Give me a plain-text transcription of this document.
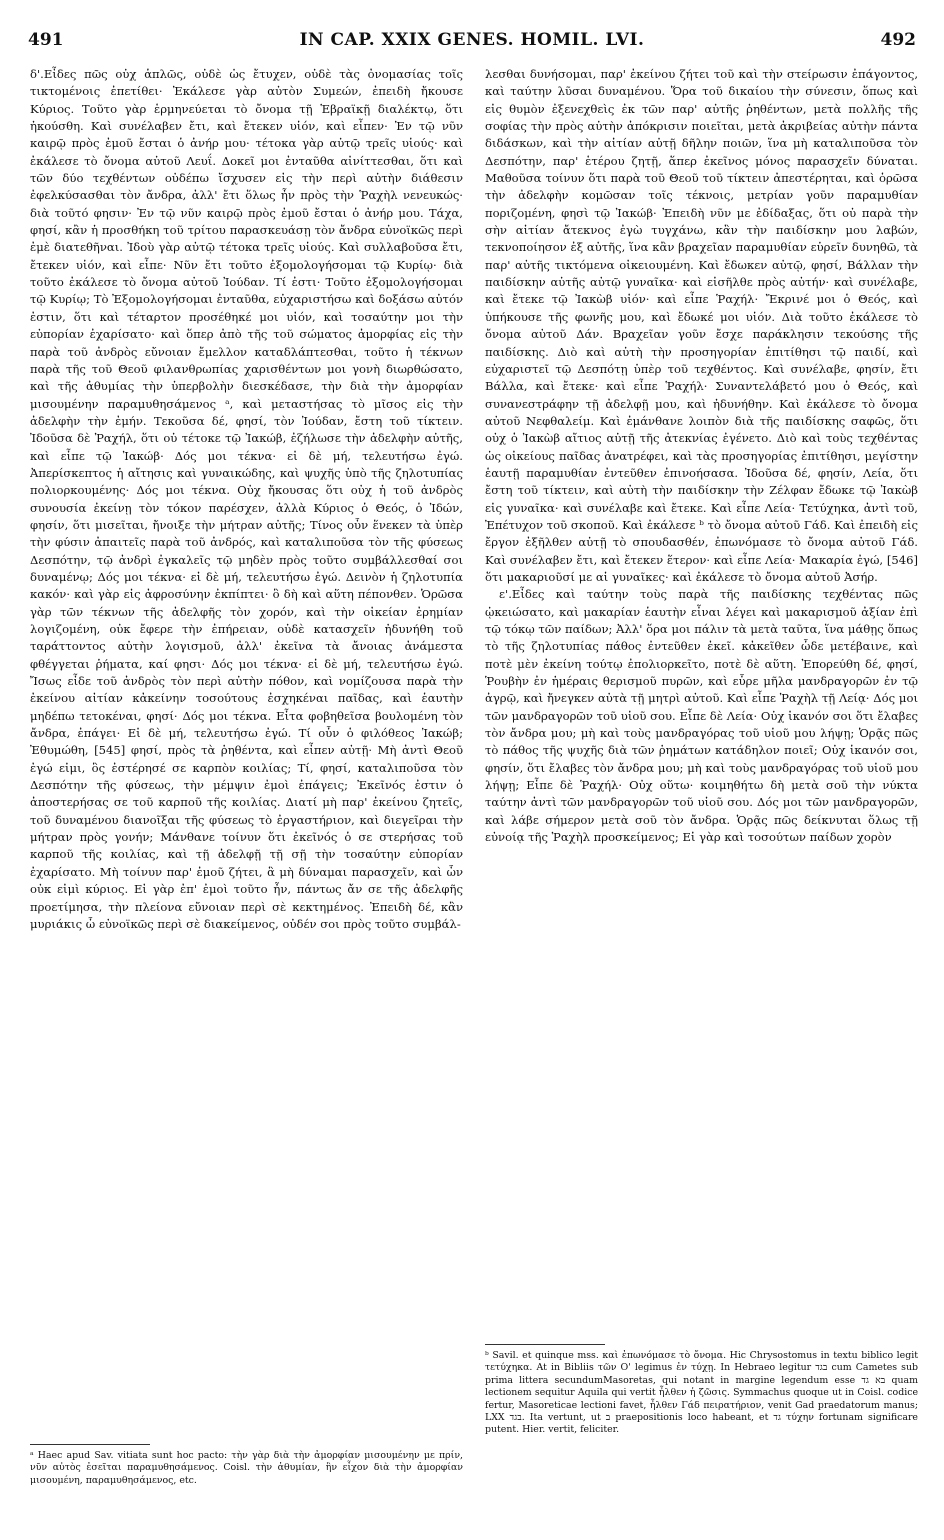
491	IN CAP. XXIX GENES. HOMIL. LVI.	492

δ'.Εἶδες πῶς οὐχ ἁπλῶς, οὐδὲ ὡς ἔτυχεν, οὐδὲ τὰς ὀνομασίας τοῖς τικτομένοις ἐπετίθει· Ἐκάλεσε γὰρ αὐτὸν Συμεών, ἐπειδὴ ἤκουσε Κύριος. Τοῦτο γὰρ ἑρμηνεύεται τὸ ὄνομα τῇ Ἑβραϊκῇ διαλέκτῳ, ὅτι ἠκούσθη. Καὶ συνέλαβεν ἔτι, καὶ ἔτεκεν υἱόν, καὶ εἶπεν· Ἐν τῷ νῦν καιρῷ πρὸς ἐμοῦ ἔσται ὁ ἀνήρ μου· τέτοκα γὰρ αὐτῷ τρεῖς υἱούς· καὶ ἐκάλεσε τὸ ὄνομα αὐτοῦ Λευΐ. Δοκεῖ μοι ἐνταῦθα αἰνίττεσθαι, ὅτι καὶ τῶν δύο τεχθέντων οὐδέπω ἴσχυσεν εἰς τὴν περὶ αὐτὴν διάθεσιν ἐφελκύσασθαι τὸν ἄνδρα, ἀλλ' ἔτι ὅλως ἦν πρὸς τὴν Ῥαχὴλ νενευκώς· διὰ τοῦτό φησιν· Ἐν τῷ νῦν καιρῷ πρὸς ἐμοῦ ἔσται ὁ ἀνήρ μου. Τάχα, φησί, κἂν ἡ προσθήκη τοῦ τρίτου παρασκευάσῃ τὸν ἄνδρα εὐνοϊκῶς περὶ ἐμὲ διατεθῆναι. Ἰδοὺ γὰρ αὐτῷ τέτοκα τρεῖς υἱούς. Καὶ συλλαβοῦσα ἔτι, ἔτεκεν υἱόν, καὶ εἶπε· Νῦν ἔτι τοῦτο ἐξομολογήσομαι τῷ Κυρίῳ· διὰ τοῦτο ἐκάλεσε τὸ ὄνομα αὐτοῦ Ἰούδαν. Τί ἐστι· Τοῦτο ἐξομολογήσομαι τῷ Κυρίῳ; Τὸ Ἐξομολογήσομαι ἐνταῦθα, εὐχαριστήσω καὶ δοξάσω αὐτόν ἐστιν, ὅτι καὶ τέταρτον προσέθηκέ μοι υἱόν, καὶ τοσαύτην μοι τὴν εὐπορίαν ἐχαρίσατο· καὶ ὅπερ ἀπὸ τῆς τοῦ σώματος ἀμορφίας εἰς τὴν παρὰ τοῦ ἀνδρὸς εὔνοιαν ἔμελλον καταδλάπτεσθαι, τοῦτο ἡ τέκνων παρὰ τῆς τοῦ Θεοῦ φιλανθρωπίας χαρισθέντων μοι γονὴ διωρθώσατο, καὶ τῆς ἀθυμίας τὴν ὑπερβολὴν διεσκέδασε, τὴν διὰ τὴν ἀμορφίαν μισουμένην παραμυθησάμενος ᵃ, καὶ μεταστήσας τὸ μῖσος εἰς τὴν ἀδελφὴν τὴν ἐμήν. Τεκοῦσα δέ, φησί, τὸν Ἰούδαν, ἔστη τοῦ τίκτειν. Ἰδοῦσα δὲ Ῥαχήλ, ὅτι οὐ τέτοκε τῷ Ἰακώβ, ἐζήλωσε τὴν ἀδελφὴν αὐτῆς, καὶ εἶπε τῷ Ἰακώβ· Δός μοι τέκνα· εἰ δὲ μή, τελευτήσω ἐγώ. Ἀπερίσκεπτος ἡ αἴτησις καὶ γυναικώδης, καὶ ψυχῆς ὑπὸ τῆς ζηλοτυπίας πολιορκουμένης· Δός μοι τέκνα. Οὐχ ἤκουσας ὅτι οὐχ ἡ τοῦ ἀνδρὸς συνουσία ἐκείνῃ τὸν τόκον παρέσχεν, ἀλλὰ Κύριος ὁ Θεός, ὁ Ἰδών, φησίν, ὅτι μισεῖται, ἤνοιξε τὴν μήτραν αὐτῆς; Τίνος οὖν ἕνεκεν τὰ ὑπὲρ τὴν φύσιν ἀπαιτεῖς παρὰ τοῦ ἀνδρός, καὶ καταλιποῦσα τὸν τῆς φύσεως Δεσπότην, τῷ ἀνδρὶ ἐγκαλεῖς τῷ μηδὲν πρὸς τοῦτο συμβάλλεσθαί σοι δυναμένῳ; Δός μοι τέκνα· εἰ δὲ μή, τελευτήσω ἐγώ. Δεινὸν ἡ ζηλοτυπία κακόν· καὶ γὰρ εἰς ἀφροσύνην ἐκπίπτει· ὃ δὴ καὶ αὕτη πέπονθεν. Ὁρῶσα γὰρ τῶν τέκνων τῆς ἀδελφῆς τὸν χορόν, καὶ τὴν οἰκείαν ἐρημίαν λογιζομένη, οὐκ ἔφερε τὴν ἐπήρειαν, οὐδὲ κατασχεῖν ἠδυνήθη τοῦ ταράττοντος αὐτὴν λογισμοῦ, ἀλλ' ἐκεῖνα τὰ ἄνοιας ἀνάμεστα φθέγγεται ῥήματα, καί φησι· Δός μοι τέκνα· εἰ δὲ μή, τελευτήσω ἐγώ. Ἴσως εἶδε τοῦ ἀνδρὸς τὸν περὶ αὐτὴν πόθον, καὶ νομίζουσα παρὰ τὴν ἐκείνου αἰτίαν κἀκείνην τοσούτους ἐσχηκέναι παῖδας, καὶ ἑαυτὴν μηδέπω τετοκέναι, φησί· Δός μοι τέκνα. Εἶτα φοβηθεῖσα βουλομένη τὸν ἄνδρα, ἐπάγει· Εἰ δὲ μή, τελευτήσω ἐγώ. Τί οὖν ὁ φιλόθεος Ἰακώβ; Ἐθυμώθη, [545] φησί, πρὸς τὰ ῥηθέντα, καὶ εἶπεν αὐτῇ· Μὴ ἀντὶ Θεοῦ ἐγώ εἰμι, ὃς ἐστέρησέ σε καρπὸν κοιλίας; Τί, φησί, καταλιποῦσα τὸν Δεσπότην τῆς φύσεως, τὴν μέμψιν ἐμοὶ ἐπάγεις; Ἐκεῖνός ἐστιν ὁ ἀποστερήσας σε τοῦ καρποῦ τῆς κοιλίας. Διατί μὴ παρ' ἐκείνου ζητεῖς, τοῦ δυναμένου διανοῖξαι τῆς φύσεως τὸ ἐργαστήριον, καὶ διεγεῖραι τὴν μήτραν πρὸς γονήν; Μάνθανε τοίνυν ὅτι ἐκεῖνός ὁ σε στερήσας τοῦ καρποῦ τῆς κοιλίας, καὶ τῇ ἀδελφῇ τῇ σῇ τὴν τοσαύτην εὐπορίαν ἐχαρίσατο. Μὴ τοίνυν παρ' ἐμοῦ ζήτει, ἃ μὴ δύναμαι παρασχεῖν, καὶ ὧν οὐκ εἰμὶ κύριος. Εἰ γὰρ ἐπ' ἐμοὶ τοῦτο ἦν, πάντως ἄν σε τῆς ἀδελφῆς προετίμησα, τὴν πλείονα εὔνοιαν περὶ σὲ κεκτημένος. Ἐπειδὴ δέ, κἂν μυριάκις ὦ εὐνοϊκῶς περὶ σὲ διακείμενος, οὐδέν σοι πρὸς τοῦτο συμβάλ-

ᵃ Haec apud Sav. vitiata sunt hoc pacto: τὴν γὰρ διὰ τὴν ἀμορφίαν μισουμένην με πρίν, νῦν αὐτὸς ἐσεῖται παραμυθησάμενος. Coisl. τὴν ἀθυμίαν, ἣν εἶχον διὰ τὴν ἀμορφίαν μισουμένη, παραμυθησάμενος, etc.

λεσθαι δυνήσομαι, παρ' ἐκείνου ζήτει τοῦ καὶ τὴν στείρωσιν ἐπάγοντος, καὶ ταύτην λῦσαι δυναμένου. Ὅρα τοῦ δικαίου τὴν σύνεσιν, ὅπως καὶ εἰς θυμὸν ἐξενεχθεὶς ἐκ τῶν παρ' αὐτῆς ῥηθέντων, μετὰ πολλῆς τῆς σοφίας τὴν πρὸς αὐτὴν ἀπόκρισιν ποιεῖται, μετὰ ἀκριβείας αὐτὴν πάντα διδάσκων, καὶ τὴν αἰτίαν αὐτῇ δῆλην ποιῶν, ἵνα μὴ καταλιποῦσα τὸν Δεσπότην, παρ' ἑτέρου ζητῇ, ἅπερ ἐκεῖνος μόνος παρασχεῖν δύναται. Μαθοῦσα τοίνυν ὅτι παρὰ τοῦ Θεοῦ τοῦ τίκτειν ἀπεστέρηται, καὶ ὁρῶσα τὴν ἀδελφὴν κομῶσαν τοῖς τέκνοις, μετρίαν γοῦν παραμυθίαν ποριζομένη, φησὶ τῷ Ἰακώβ· Ἐπειδὴ νῦν με ἐδίδαξας, ὅτι οὐ παρὰ τὴν σὴν αἰτίαν ἄτεκνος ἐγὼ τυγχάνω, κἂν τὴν παιδίσκην μου λαβών, τεκνοποίησον ἐξ αὐτῆς, ἵνα κἂν βραχεῖαν παραμυθίαν εὑρεῖν δυνηθῶ, τὰ παρ' αὐτῆς τικτόμενα οἰκειουμένη. Καὶ ἔδωκεν αὐτῷ, φησί, Βάλλαν τὴν παιδίσκην αὐτῆς αὐτῷ γυναῖκα· καὶ εἰσῆλθε πρὸς αὐτήν· καὶ συνέλαβε, καὶ ἔτεκε τῷ Ἰακὼβ υἱόν· καὶ εἶπε Ῥαχήλ· Ἔκρινέ μοι ὁ Θεός, καὶ ὑπήκουσε τῆς φωνῆς μου, καὶ ἔδωκέ μοι υἱόν. Διὰ τοῦτο ἐκάλεσε τὸ ὄνομα αὐτοῦ Δάν. Βραχεῖαν γοῦν ἔσχε παράκλησιν τεκούσης τῆς παιδίσκης. Διὸ καὶ αὐτὴ τὴν προσηγορίαν ἐπιτίθησι τῷ παιδί, καὶ εὐχαριστεῖ τῷ Δεσπότῃ ὑπὲρ τοῦ τεχθέντος. Καὶ συνέλαβε, φησίν, ἔτι Βάλλα, καὶ ἔτεκε· καὶ εἶπε Ῥαχήλ· Συναντελάβετό μου ὁ Θεός, καὶ συνανεστράφην τῇ ἀδελφῇ μου, καὶ ἠδυνήθην. Καὶ ἐκάλεσε τὸ ὄνομα αὐτοῦ Νεφθαλείμ. Καὶ ἐμάνθανε λοιπὸν διὰ τῆς παιδίσκης σαφῶς, ὅτι οὐχ ὁ Ἰακὼβ αἴτιος αὐτῇ τῆς ἀτεκνίας ἐγένετο. Διὸ καὶ τοὺς τεχθέντας ὡς οἰκείους παῖδας ἀνατρέφει, καὶ τὰς προσηγορίας ἐπιτίθησι, μεγίστην ἑαυτῇ παραμυθίαν ἐντεῦθεν ἐπινοήσασα. Ἰδοῦσα δέ, φησίν, Λεία, ὅτι ἔστη τοῦ τίκτειν, καὶ αὐτὴ τὴν παιδίσκην τὴν Ζέλφαν ἔδωκε τῷ Ἰακὼβ εἰς γυναῖκα· καὶ συνέλαβε καὶ ἔτεκε. Καὶ εἶπε Λεία· Τετύχηκα, ἀντὶ τοῦ, Ἐπέτυχον τοῦ σκοποῦ. Καὶ ἐκάλεσε ᵇ τὸ ὄνομα αὐτοῦ Γάδ. Καὶ ἐπειδὴ εἰς ἔργον ἐξῆλθεν αὐτῇ τὸ σπουδασθέν, ἐπωνόμασε τὸ ὄνομα αὐτοῦ Γάδ. Καὶ συνέλαβεν ἔτι, καὶ ἔτεκεν ἕτερον· καὶ εἶπε Λεία· Μακαρία ἐγώ, [546] ὅτι μακαριοῦσί με αἱ γυναῖκες· καὶ ἐκάλεσε τὸ ὄνομα αὐτοῦ Ἀσήρ.

ε'.Εἶδες καὶ ταύτην τοὺς παρὰ τῆς παιδίσκης τεχθέντας πῶς ᾠκειώσατο, καὶ μακαρίαν ἑαυτὴν εἶναι λέγει καὶ μακαρισμοῦ ἀξίαν ἐπὶ τῷ τόκῳ τῶν παίδων; Ἀλλ' ὅρα μοι πάλιν τὰ μετὰ ταῦτα, ἵνα μάθῃς ὅπως τὸ τῆς ζηλοτυπίας πάθος ἐντεῦθεν ἐκεῖ. κἀκεῖθεν ὧδε μετέβαινε, καὶ ποτὲ μὲν ἐκείνη τούτῳ ἐπολιορκεῖτο, ποτὲ δὲ αὕτη. Ἐπορεύθη δέ, φησί, Ῥουβὴν ἐν ἡμέραις θερισμοῦ πυρῶν, καὶ εὗρε μῆλα μανδραγορῶν ἐν τῷ ἀγρῷ, καὶ ἤνεγκεν αὐτὰ τῇ μητρὶ αὐτοῦ. Καὶ εἶπε Ῥαχὴλ τῇ Λείᾳ· Δός μοι τῶν μανδραγορῶν τοῦ υἱοῦ σου. Εἶπε δὲ Λεία· Οὐχ ἱκανόν σοι ὅτι ἔλαβες τὸν ἄνδρα μου; μὴ καὶ τοὺς μανδραγόρας τοῦ υἱοῦ μου λήψῃ; Ὁρᾷς πῶς τὸ πάθος τῆς ψυχῆς διὰ τῶν ῥημάτων κατάδηλον ποιεῖ; Οὐχ ἱκανόν σοι, φησίν, ὅτι ἔλαβες τὸν ἄνδρα μου; μὴ καὶ τοὺς μανδραγόρας τοῦ υἱοῦ μου λήψῃ; Εἶπε δὲ Ῥαχήλ· Οὐχ οὕτω· κοιμηθήτω δὴ μετὰ σοῦ τὴν νύκτα ταύτην ἀντὶ τῶν μανδραγορῶν τοῦ υἱοῦ σου. Δός μοι τῶν μανδραγορῶν, καὶ λάβε σήμερον μετὰ σοῦ τὸν ἄνδρα. Ὁρᾷς πῶς δείκνυται ὅλως τῇ εὐνοίᾳ τῆς Ῥαχὴλ προσκείμενος; Εἰ γὰρ καὶ τοσούτων παίδων χορὸν

ᵇ Savil. et quinque mss. καὶ ἐπωνόμασε τὸ ὄνομα. Hic Chrysostomus in textu biblico legit τετύχηκα. At in Bibliis τῶν Ο' legimus ἐν τύχῃ. In Hebraeo legitur בגד cum Cametes sub prima littera secundumMasoretas, qui notant in margine legendum esse בא גד quam lectionem sequitur Aquila qui vertit ἦλθεν ἡ ζῶσις. Symmachus quoque ut in Coisl. codice fertur, Masoreticae lectioni favet, ἦλθεν Γάδ πειρατήριον, venit Gad praedatorum manus; LXX בגד. Ita vertunt, ut ב praepositionis loco habeant, et גד τύχην fortunam significare putent. Hier. vertit, feliciter.
